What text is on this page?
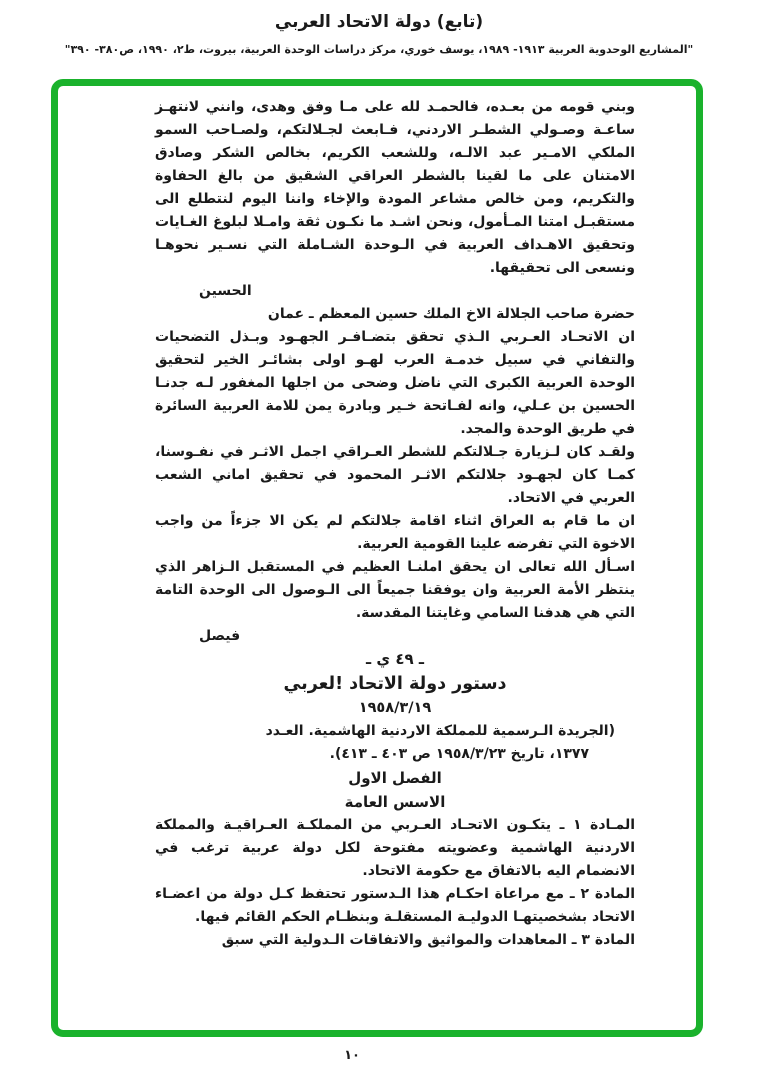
(تابع) دولة الاتحاد العربي
"المشاريع الوحدوية العربية ١٩١٣- ١٩٨٩، يوسف خوري، مركز دراسات الوحدة العربية، بيروت، ط٢، ١٩٩٠، ص٣٨٠- ٣٩٠"

وبني قومه من بعـده، فالحمـد لله على مـا وفق وهدى، وانني لانتهـز ساعـة وصـولي الشطـر الاردني، فـابعث لجـلالتكم، ولصـاحب السمو الملكي الامـير عبد الالـه، وللشعب الكريم، بخالص الشكر وصادق الامتنان على ما لقينا بالشطر العراقي الشقيق من بالغ الحفاوة والتكريم، ومن خالص مشاعر المودة والإخاء واننا اليوم لنتطلع الى مستقبـل امتنا المـأمول، ونحن اشـد ما نكـون ثقة وامـلا لبلوغ الغـايات وتحقيق الاهـداف العربية في الـوحدة الشـاملة التي نسـير نحوهـا ونسعى الى تحقيقها.

الحسين

حضرة صاحب الجلالة الاخ الملك حسين المعظم ـ عمان

ان الاتحـاد العـربي الـذي تحقق بتضـافـر الجهـود وبـذل التضحيات والتفاني في سبيل خدمـة العرب لهـو اولى بشائـر الخير لتحقيق الوحدة العربية الكبرى التي ناضل وضحى من اجلها المغفور لـه جدنـا الحسين بن عـلي، وانه لفـاتحة خـير وبادرة يمن للامة العربية السائرة في طريق الوحدة والمجد.

ولقـد كان لـزيارة جـلالتكم للشطر العـراقي اجمل الاثـر في نفـوسنا، كمـا كان لجهـود جلالتكم الاثـر المحمود في تحقيق اماني الشعب العربي في الاتحاد.

ان ما قام به العراق اثناء اقامة جلالتكم لم يكن الا جزءاً من واجب الاخوة التي تفرضه علينا القومية العربية.

اسـأل الله تعالى ان يحقق املنـا العظيم في المستقبل الـزاهر الذي ينتظر الأمة العربية وان يوفقنا جميعاً الى الـوصول الى الوحدة التامة التي هي هدفنا السامي وغايتنا المقدسة.

فيصل

ـ ٤٩ ي ـ

دستور دولة الاتحاد !لعربي

١٩٥٨/٣/١٩

(الجريدة الـرسمية للمملكة الاردنية الهاشمية. العـدد

١٣٧٧، تاريخ ١٩٥٨/٣/٢٣ ص ٤٠٣ ـ ٤١٣).

الفصل الاول

الاسس العامة

المـادة ١ ـ يتكـون الاتحـاد العـربي من المملكـة العـراقيـة والمملكة الاردنية الهاشمية وعضويته مفتوحة لكل دولة عربية ترغب في الانضمام اليه بالاتفاق مع حكومة الاتحاد.

المادة ٢ ـ مع مراعاة احكـام هذا الـدستور تحتفظ كـل دولة من اعضـاء الاتحاد بشخصيتهـا الدوليـة المستقلـة وبنظـام الحكم القائم فيها.

المادة ٣ ـ المعاهدات والمواثيق والاتفاقات الـدولية التي سبق

١٠
